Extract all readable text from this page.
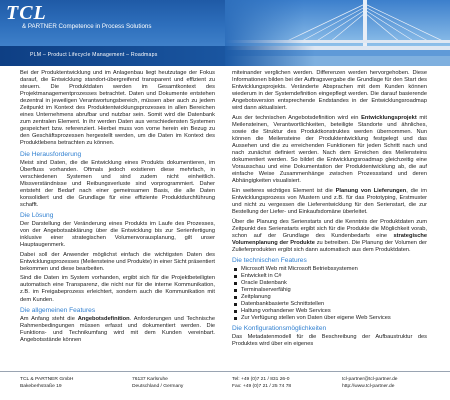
TCL
& PARTNER Competence in Process Solutions
PLM – Product Lifecycle Management – Roadmaps

Bei der Produktentwicklung und im Anlagenbau liegt heutzutage der Fokus darauf, die Entwicklung standort-übergreifend transparent und effizient zu steuern. Die Produktdaten werden im Gesamtkontext des Projektmanagementprozesses betrachtet. Daten und Dokumente entstehen dezentral in jeweiligen Verantwortungsbereich, müssen aber auch zu jedem Zeitpunkt im Kontext des Produktentwicklungsprozesses in allen Bereichen eines Unternehmens abrufbar und nutzbar sein. Somit wird die Datenbank zum zentralen Element. In ihr werden Daten aus verschiedensten Systemen gespeichert bzw. referenziert. Hierbei muss von vorne herein ein Bezug zu den Geschäftsprozessen hergestellt werden, um die Daten im Kontext des Produktlebens betrachten zu können.

Die Herausforderung

Meist sind Daten, die die Entwicklung eines Produkts dokumentieren, im Überfluss vorhanden. Oftmals jedoch existieren diese mehrfach, in verschiedenen Systemen und sind zudem nicht einheitlich. Missverständnisse und Reibungsverluste sind vorprogrammiert. Daher entsteht der Bedarf nach einer gemeinsamen Basis, die alle Daten konsolidiert und die Grundlage für eine effiziente Produktdurchführung schafft.

Die Lösung

Der Darstellung der Veränderung eines Produkts im Laufe des Prozesses, von der Angebotsabklärung über die Entwicklung bis zur Serienfertigung inklusive einer strategischen Volumenvorausplanung, gilt unser Hauptaugenmerk.

Dabei soll der Anwender möglichst einfach die wichtigsten Daten des Entwicklungsprozesses (Meilensteine und Produkte) in einer Sicht präsentiert bekommen und diese bearbeiten.

Sind die Daten im System vorhanden, ergibt sich für die Projektbeteiligten automatisch eine Transparenz, die nicht nur für die interne Kommunikation, z.B. im Freigabeprozess erleichtert, sondern auch die Kommunikation mit dem Kunden.

Die allgemeinen Features

Am Anfang steht die Angebotsdefinition. Anforderungen und Technische Rahmenbedingungen müssen erfasst und dokumentiert werden. Die Funktions- und Technikumfang wird mit dem Kunden vereinbart. Angebotsstände können

miteinander verglichen werden. Differenzen werden hervorgehoben. Diese Informationen bilden bei der Auftragsvergabe die Grundlage für den Start des Entwicklungsprojekts. Veränderte Absprachen mit dem Kunden können wiederum in der Systemdefinition eingepflegt werden. Die darauf basierende Angebotsversion entsprechende Endstandes in der Entwicklungsroadmap wird dann aktualisiert.

Aus der technischen Angebotsdefinition wird ein Entwicklungsprojekt mit Meilensteinen, Verantwortlichkeiten, beteiligte Standorte und ähnliches, sowie die Struktur des Produktkonstruktes werden übernommen. Nun können die Meilensteine der Produktentwicklung festgelegt und das Aussehen und die zu erreichenden Funktionen für jeden Schritt nach und nach zunächst definiert werden. Nach dem Erreichen des Meilensteins dokumentiert werden. So bildet die Entwicklungsroadmap gleichzeitig eine Vorausschau und eine Dokumentation der Produktentwicklung ab, die auf einfache Weise Zusammenhänge zwischen Prozessstand und deren Abhängigkeiten visualisiert.

Ein weiteres wichtiges Element ist die Planung von Lieferungen, die im Entwicklungsprozess von Mustern und z.B. für das Prototyping, Erstmuster und nicht zu vergessen die Lieferentwicklung für den Serienstart, die zur Bestellung der Liefer- und Einkaufsdomäne überleitet.

Über die Planung des Serienstarts und die Kenntnis der Produktdaten zum Zeitpunkt des Serienstarts ergibt sich für die Produkte die Möglichkeit vorab, schon auf der Grundlage des Kundenbedarfs eine strategische Volumenplanung der Produkte zu betreiben. Die Planung der Volumen der Zulieferprodukten ergibt sich dann automatisch aus dem Produktdaten.

Die technischen Features
Microsoft Web mit Microsoft Betriebssystemen
Entwickelt in C#
Oracle Datenbank
Terminalserverfähig
Zeitplanung
Datenbankbasierte Schnittstellen
Haltung vorhandener Web Services
Zur Verfügung stellen von Daten über eigene Web Services
Die Konfigurationsmöglichkeiten

Das Metadatenmodell für die Beschreibung der Aufbaustruktur des Produktes wird über ein eigenes

TCL & PARTNER GmbH
Bakeberhstraße 19
76137 Karlsruhe
Deutschland / Germany
Tel: +49 (0)7 21 / 831 26-0
Fax: +49 (0)7 21 / 25 74 78
tcl-partner@tcl-partner.de
http://www.tcl-partner.de
